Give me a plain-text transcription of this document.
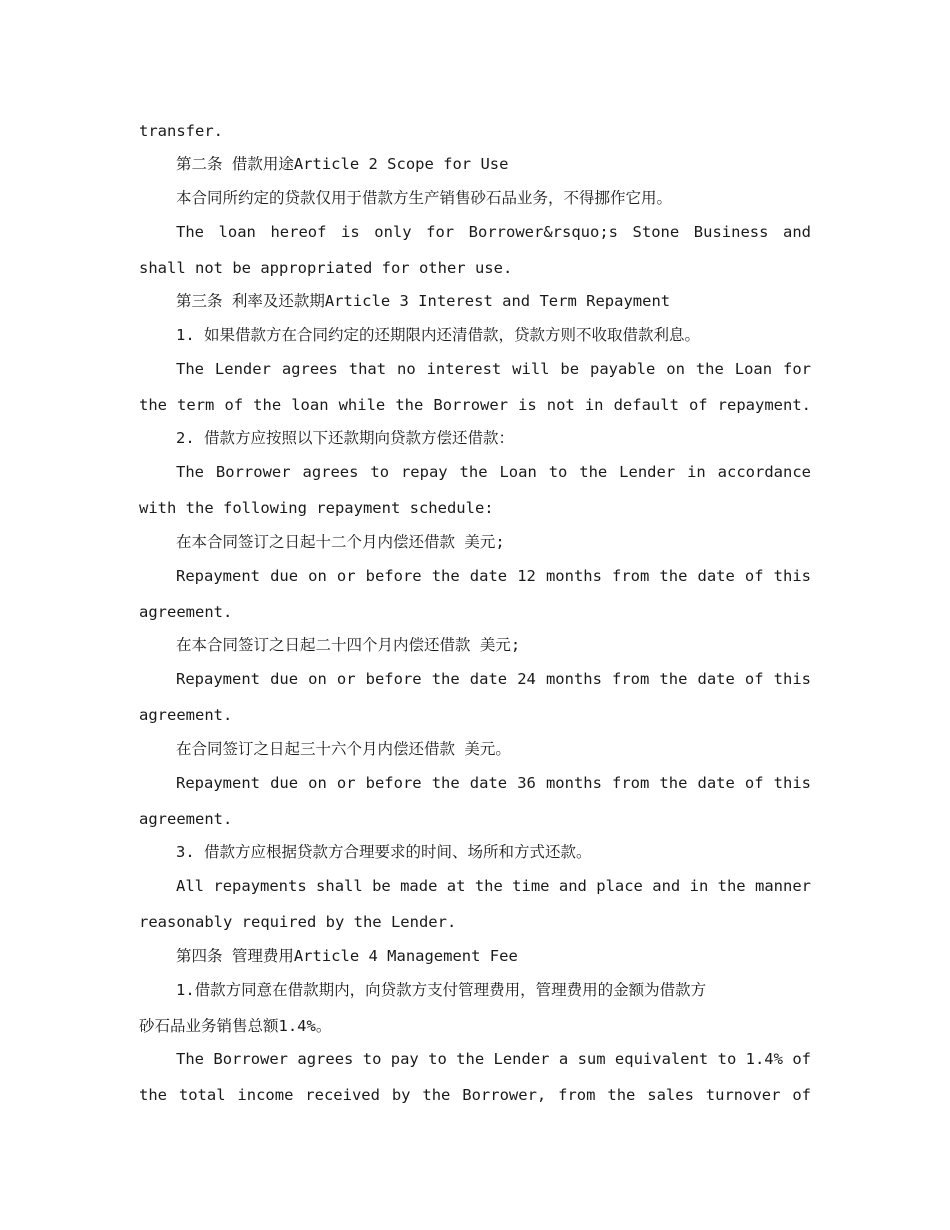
transfer.
第二条 借款用途Article 2 Scope for Use
本合同所约定的贷款仅用于借款方生产销售砂石品业务，不得挪作它用。
The loan hereof is only for Borrower&rsquo;s Stone Business and
shall not be appropriated for other use.
第三条 利率及还款期Article 3 Interest and Term Repayment
1. 如果借款方在合同约定的还期限内还清借款，贷款方则不收取借款利息。
The Lender agrees that no interest will be payable on the Loan for
the term of the loan while the Borrower is not in default of repayment.
2. 借款方应按照以下还款期向贷款方偿还借款：
The Borrower agrees to repay the Loan to the Lender in accordance
with the following repayment schedule:
在本合同签订之日起十二个月内偿还借款 美元;
Repayment due on or before the date 12 months from the date of this
agreement.
在本合同签订之日起二十四个月内偿还借款 美元;
Repayment due on or before the date 24 months from the date of this
agreement.
在合同签订之日起三十六个月内偿还借款 美元。
Repayment due on or before the date 36 months from the date of this
agreement.
3. 借款方应根据贷款方合理要求的时间、场所和方式还款。
All repayments shall be made at the time and place and in the manner
reasonably required by the Lender.
第四条 管理费用Article 4 Management Fee
1.借款方同意在借款期内，向贷款方支付管理费用，管理费用的金额为借款方
砂石品业务销售总额1.4%。
The Borrower agrees to pay to the Lender a sum equivalent to 1.4% of
the total income received by the Borrower, from the sales turnover of
